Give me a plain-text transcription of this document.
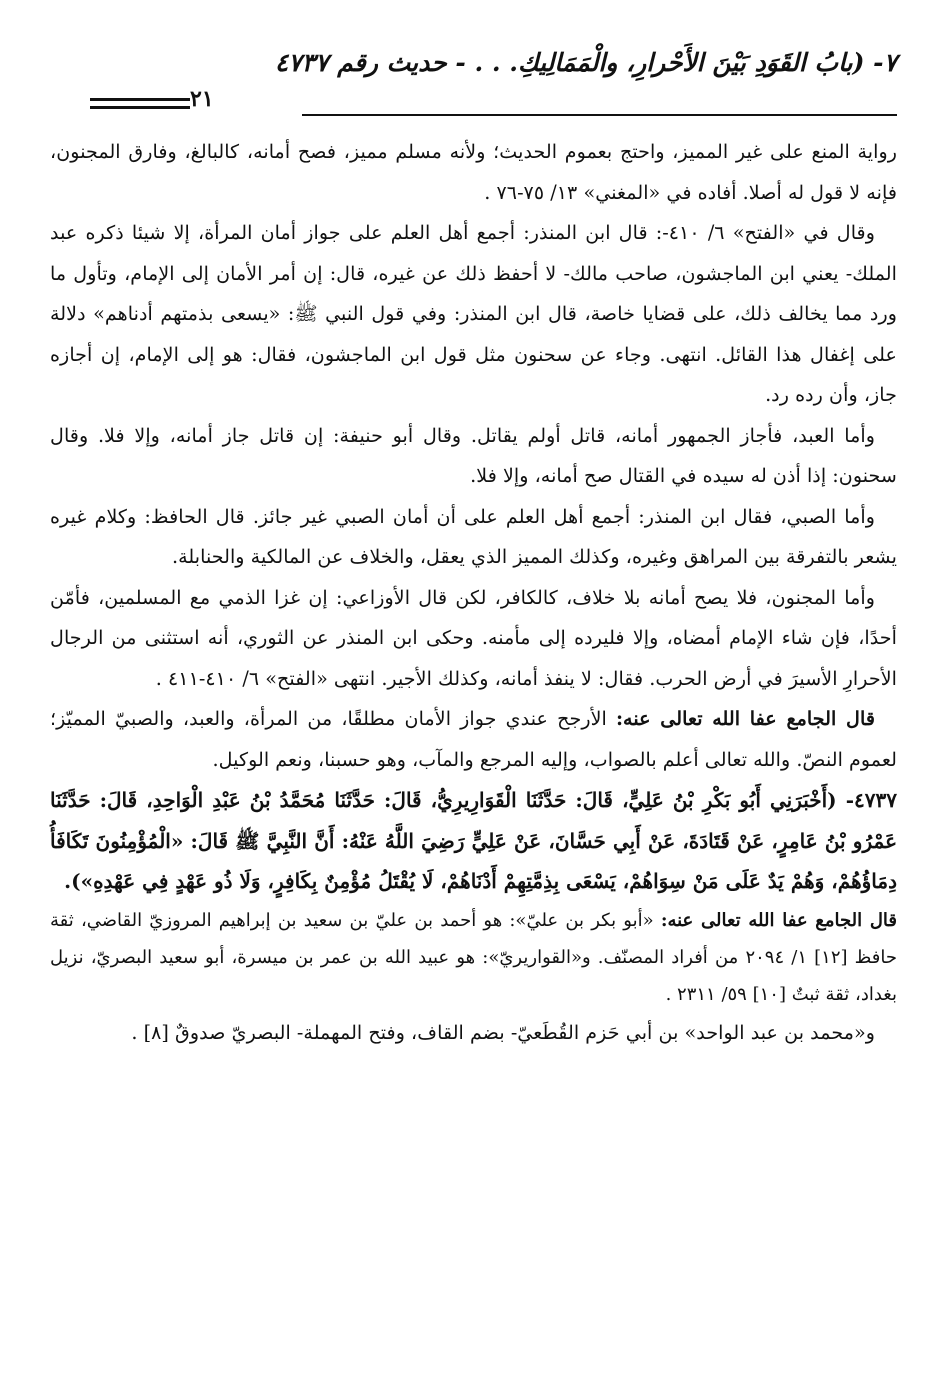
٧- (بابُ القَوَدِ بَيْنَ الأَحْرارِ، والْمَمَالِيكِ. . . - حديث رقم ٤٧٣٧
٢١

رواية المنع على غير المميز، واحتج بعموم الحديث؛ ولأنه مسلم مميز، فصح أمانه، كالبالغ، وفارق المجنون، فإنه لا قول له أصلا. أفاده في «المغني» ١٣/ ٧٥-٧٦ .

وقال في «الفتح» ٦/ ٤١٠-: قال ابن المنذر: أجمع أهل العلم على جواز أمان المرأة، إلا شيئا ذكره عبد الملك- يعني ابن الماجشون، صاحب مالك- لا أحفظ ذلك عن غيره، قال: إن أمر الأمان إلى الإمام، وتأول ما ورد مما يخالف ذلك، على قضايا خاصة، قال ابن المنذر: وفي قول النبي ﷺ: «يسعى بذمتهم أدناهم» دلالة على إغفال هذا القائل. انتهى. وجاء عن سحنون مثل قول ابن الماجشون، فقال: هو إلى الإمام، إن أجازه جاز، وأن رده رد.

وأما العبد، فأجاز الجمهور أمانه، قاتل أولم يقاتل. وقال أبو حنيفة: إن قاتل جاز أمانه، وإلا فلا. وقال سحنون: إذا أذن له سيده في القتال صح أمانه، وإلا فلا.

وأما الصبي، فقال ابن المنذر: أجمع أهل العلم على أن أمان الصبي غير جائز. قال الحافظ: وكلام غيره يشعر بالتفرقة بين المراهق وغيره، وكذلك المميز الذي يعقل، والخلاف عن المالكية والحنابلة.

وأما المجنون، فلا يصح أمانه بلا خلاف، كالكافر، لكن قال الأوزاعي: إن غزا الذمي مع المسلمين، فأمّن أحدًا، فإن شاء الإمام أمضاه، وإلا فليرده إلى مأمنه. وحكى ابن المنذر عن الثوري، أنه استثنى من الرجال الأحرارِ الأسيرَ في أرض الحرب. فقال: لا ينفذ أمانه، وكذلك الأجير. انتهى «الفتح» ٦/ ٤١٠-٤١١ .

قال الجامع عفا الله تعالى عنه: الأرجح عندي جواز الأمان مطلقًا، من المرأة، والعبد، والصبيّ المميّز؛ لعموم النصّ. والله تعالى أعلم بالصواب، وإليه المرجع والمآب، وهو حسبنا، ونعم الوكيل.

٤٧٣٧- (أَخْبَرَنِي أَبُو بَكْرِ بْنُ عَلِيٍّ، قَالَ: حَدَّثَنَا الْقَوَارِيرِيُّ، قَالَ: حَدَّثَنَا مُحَمَّدُ بْنُ عَبْدِ الْوَاحِدِ، قَالَ: حَدَّثَنَا عَمْرُو بْنُ عَامِرٍ، عَنْ قَتَادَةَ، عَنْ أَبِي حَسَّانَ، عَنْ عَلِيٍّ رَضِيَ اللَّهُ عَنْهُ: أَنَّ النَّبِيَّ ﷺ قَالَ: «الْمُؤْمِنُونَ تَكَافَأُ دِمَاؤُهُمْ، وَهُمْ يَدٌ عَلَى مَنْ سِوَاهُمْ، يَسْعَى بِذِمَّتِهِمْ أَدْنَاهُمْ، لَا يُقْتَلُ مُؤْمِنٌ بِكَافِرٍ، وَلَا ذُو عَهْدٍ فِي عَهْدِهِ»).

قال الجامع عفا الله تعالى عنه: «أبو بكر بن عليّ»: هو أحمد بن عليّ بن سعيد بن إبراهيم المروزيّ القاضي، ثقة حافظ [١٢] ١/ ٢٠٩٤ من أفراد المصنّف. و«القواريريّ»: هو عبيد الله بن عمر بن ميسرة، أبو سعيد البصريّ، نزيل بغداد، ثقة ثبتٌ [١٠] ٥٩/ ٢٣١١ .

و«محمد بن عبد الواحد» بن أبي حَزم القُطَعيّ- بضم القاف، وفتح المهملة- البصريّ صدوقٌ [٨] .
